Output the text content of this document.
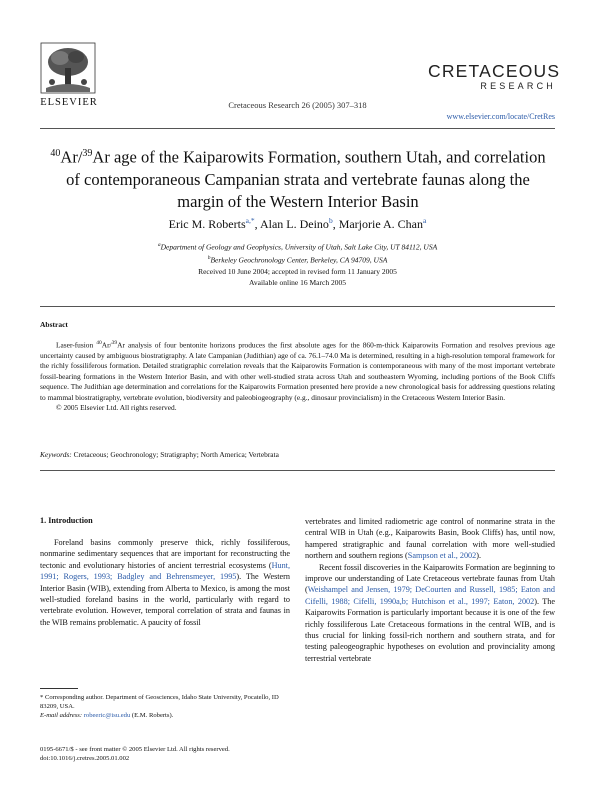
ELSEVIER	Cretaceous Research 26 (2005) 307–318
CRETACEOUS
RESEARCH
www.elsevier.com/locate/CretRes
$^{40}$Ar/$^{39}$Ar age of the Kaiparowits Formation, southern Utah, and correlation of contemporaneous Campanian strata and vertebrate faunas along the margin of the Western Interior Basin
Eric M. Roberts$^{a,*}$, Alan L. Deino$^b$, Marjorie A. Chan$^a$
$^a$Department of Geology and Geophysics, University of Utah, Salt Lake City, UT 84112, USA
$^b$Berkeley Geochronology Center, Berkeley, CA 94709, USA
Received 10 June 2004; accepted in revised form 11 January 2005
Available online 16 March 2005
Abstract

Laser-fusion $^{40}$Ar/$^{39}$Ar analysis of four bentonite horizons produces the first absolute ages for the 860-m-thick Kaiparowits Formation and resolves previous age uncertainty caused by ambiguous biostratigraphy. A late Campanian (Judithian) age of ca. 76.1–74.0 Ma is determined, resulting in a high-resolution temporal framework for the richly fossiliferous formation. Detailed stratigraphic correlation reveals that the Kaiparowits Formation is contemporaneous with many of the most important vertebrate fossil-bearing formations in the Western Interior Basin, and with other well-studied strata across Utah and southeastern Wyoming, including portions of the Book Cliffs sequence. The Judithian age determination and correlations for the Kaiparowits Formation presented here provide a new chronological basis for addressing questions relating to mammal biostratigraphy, vertebrate evolution, biodiversity and paleobiogeography (e.g., dinosaur provincialism) in the Cretaceous Western Interior Basin.

© 2005 Elsevier Ltd. All rights reserved.

Keywords: Cretaceous; Geochronology; Stratigraphy; North America; Vertebrata
1. Introduction

Foreland basins commonly preserve thick, richly fossiliferous, nonmarine sedimentary sequences that are important for reconstructing the tectonic and evolutionary histories of ancient terrestrial ecosystems (Hunt, 1991; Rogers, 1993; Badgley and Behrensmeyer, 1995). The Western Interior Basin (WIB), extending from Alberta to Mexico, is among the most well-studied foreland basins in the world, particularly with regard to vertebrate evolution. However, temporal correlation of strata and faunas in the WIB remains problematic. A paucity of fossil

vertebrates and limited radiometric age control of nonmarine strata in the central WIB in Utah (e.g., Kaiparowits Basin, Book Cliffs) has, until now, hampered stratigraphic and faunal correlation with more well-studied northern and southern regions (Sampson et al., 2002).

Recent fossil discoveries in the Kaiparowits Formation are beginning to improve our understanding of Late Cretaceous vertebrate faunas from Utah (Weishampel and Jensen, 1979; DeCourten and Russell, 1985; Eaton and Cifelli, 1988; Cifelli, 1990a,b; Hutchison et al., 1997; Eaton, 2002). The Kaiparowits Formation is particularly important because it is one of the few richly fossiliferous Late Cretaceous formations in the central WIB, and is thus crucial for linking fossil-rich northern and southern strata, and for testing paleogeographic hypotheses on evolution and provinciality among terrestrial vertebrate

* Corresponding author. Department of Geosciences, Idaho State University, Pocatello, ID 83209, USA.

E-mail address: robeeric@isu.edu (E.M. Roberts).

0195-6671/$ - see front matter © 2005 Elsevier Ltd. All rights reserved.
doi:10.1016/j.cretres.2005.01.002
